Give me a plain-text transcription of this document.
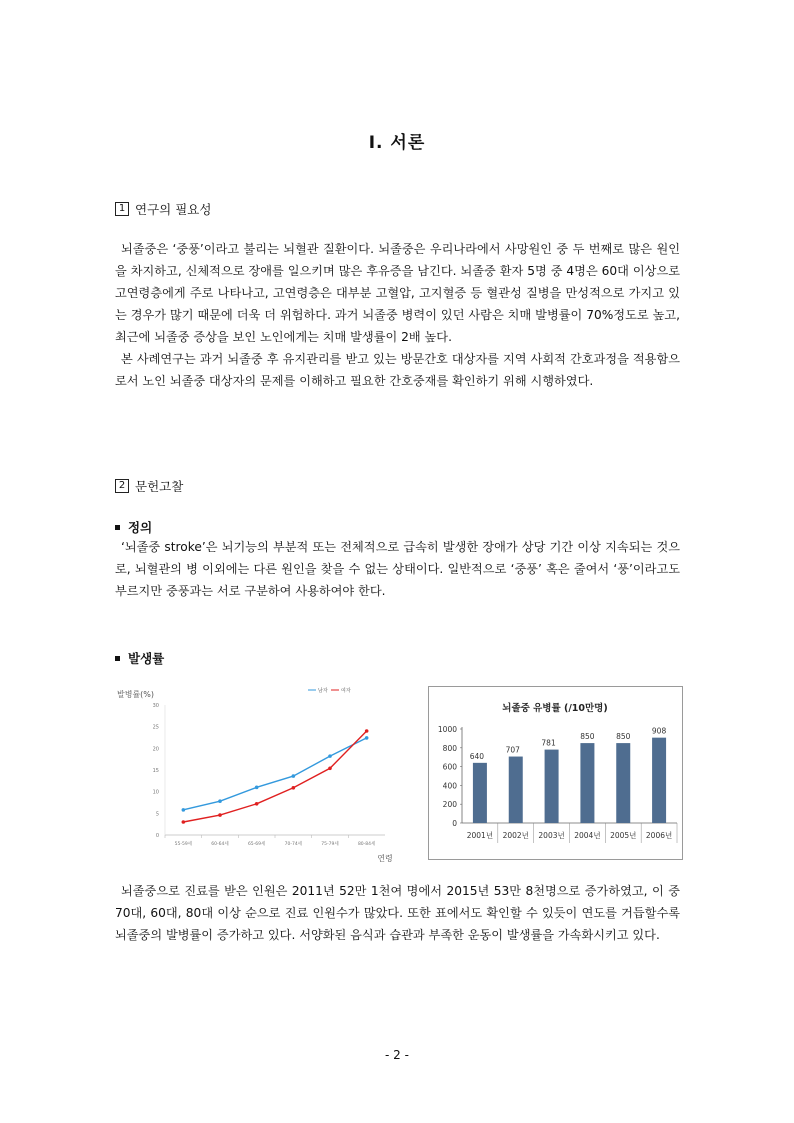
Ⅰ. 서론
1 연구의 필요성

뇌졸중은 ‘중풍’이라고 불리는 뇌혈관 질환이다. 뇌졸중은 우리나라에서 사망원인 중 두 번째로 많은 원인을 차지하고, 신체적으로 장애를 일으키며 많은 후유증을 남긴다. 뇌졸중 환자 5명 중 4명은 60대 이상으로 고연령층에게 주로 나타나고, 고연령층은 대부분 고혈압, 고지혈증 등 혈관성 질병을 만성적으로 가지고 있는 경우가 많기 때문에 더욱 더 위험하다. 과거 뇌졸중 병력이 있던 사람은 치매 발병률이 70%정도로 높고, 최근에 뇌졸중 증상을 보인 노인에게는 치매 발생률이 2배 높다.

본 사례연구는 과거 뇌졸중 후 유지관리를 받고 있는 방문간호 대상자를 지역 사회적 간호과정을 적용함으로서 노인 뇌졸중 대상자의 문제를 이해하고 필요한 간호중재를 확인하기 위해 시행하였다.

2 문헌고찰
정의

‘뇌졸중 stroke’은 뇌기능의 부분적 또는 전체적으로 급속히 발생한 장애가 상당 기간 이상 지속되는 것으로, 뇌혈관의 병 이외에는 다른 원인을 찾을 수 없는 상태이다. 일반적으로 ‘중풍’ 혹은 줄여서 ‘풍’이라고도 부르지만 중풍과는 서로 구분하여 사용하여야 한다.

발생률
발병률(%)
0
5
10
15
20
25
30
55-59세	60-64세	65-69세	70-74세	75-79세	80-84세
연령
남자	여자
뇌졸중 유병률 (/10만명)
0
200
400
600
800
1000
640
2001년
707
2002년
781
2003년
850
2004년
850
2005년
908
2006년

뇌졸중으로 진료를 받은 인원은 2011년 52만 1천여 명에서 2015년 53만 8천명으로 증가하였고, 이 중 70대, 60대, 80대 이상 순으로 진료 인원수가 많았다. 또한 표에서도 확인할 수 있듯이 연도를 거듭할수록 뇌졸중의 발병률이 증가하고 있다. 서양화된 음식과 습관과 부족한 운동이 발생률을 가속화시키고 있다.

- 2 -
